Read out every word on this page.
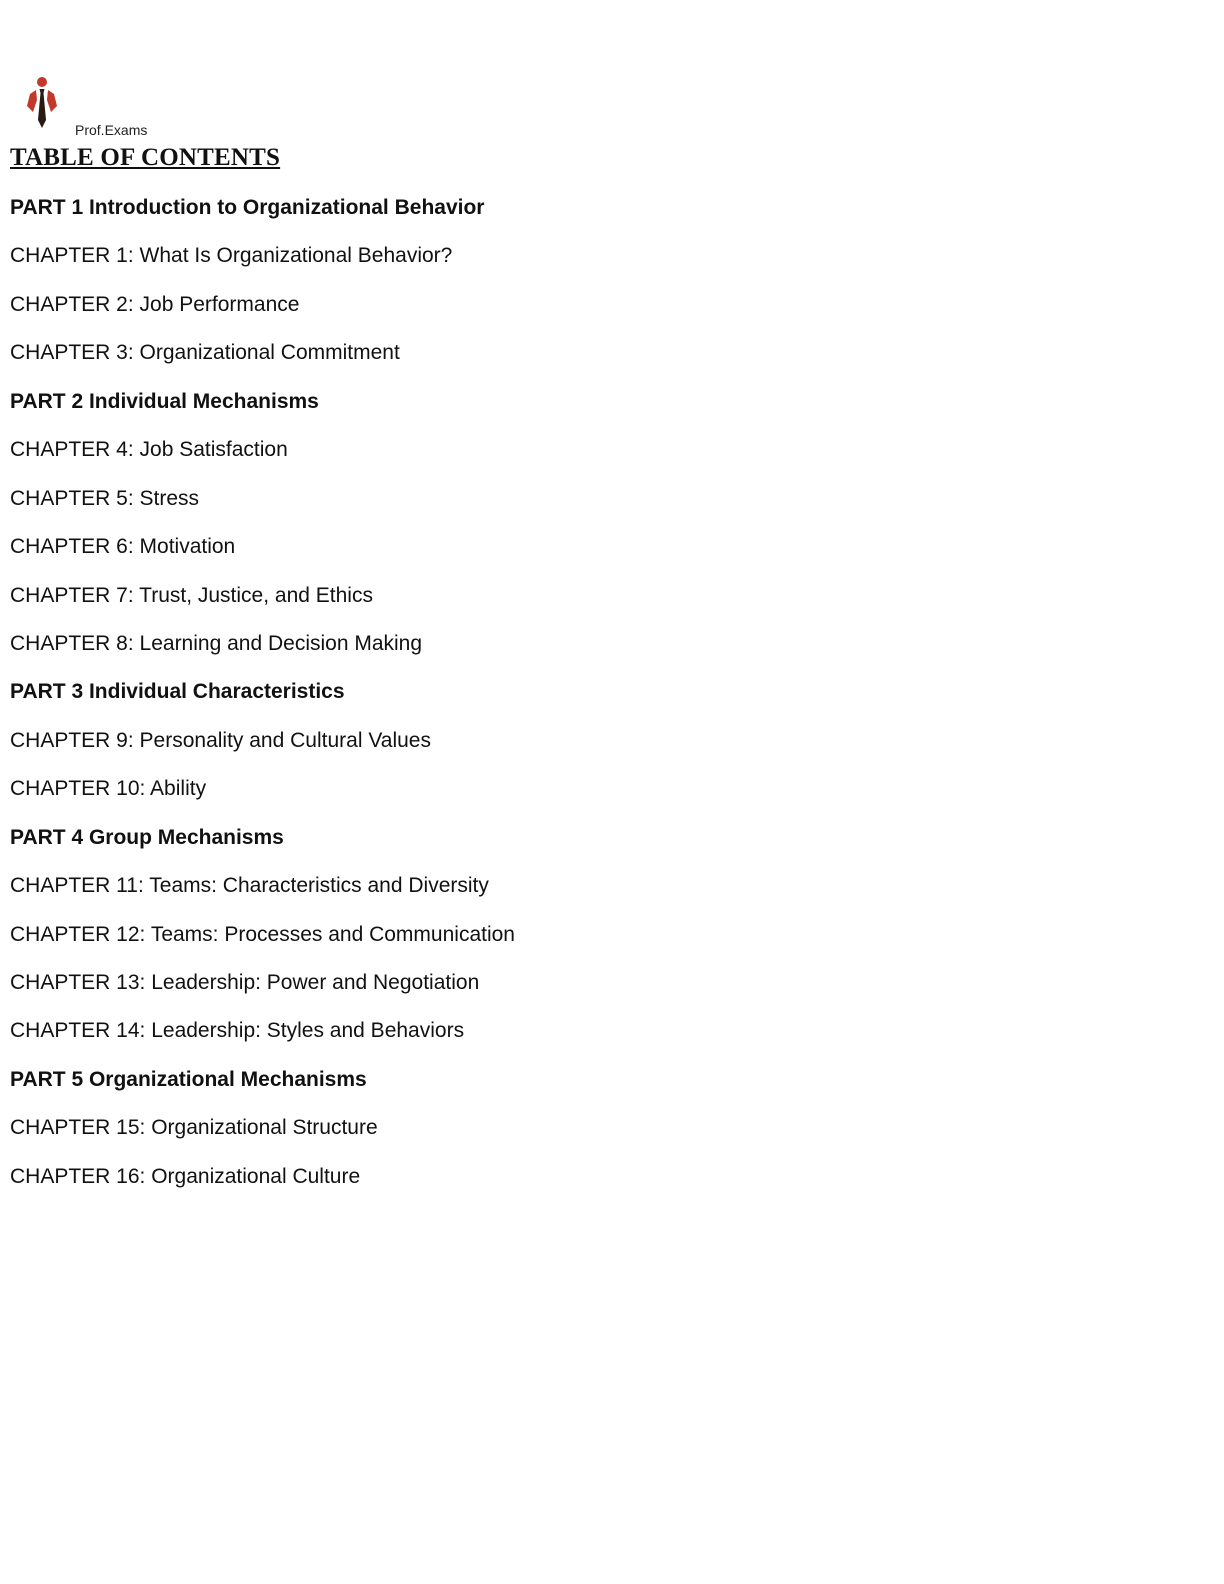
Prof.Exams
TABLE OF CONTENTS
PART 1 Introduction to Organizational Behavior
CHAPTER 1: What Is Organizational Behavior?
CHAPTER 2: Job Performance
CHAPTER 3: Organizational Commitment
PART 2 Individual Mechanisms
CHAPTER 4: Job Satisfaction
CHAPTER 5: Stress
CHAPTER 6: Motivation
CHAPTER 7: Trust, Justice, and Ethics
CHAPTER 8: Learning and Decision Making
PART 3 Individual Characteristics
CHAPTER 9: Personality and Cultural Values
CHAPTER 10: Ability
PART 4 Group Mechanisms
CHAPTER 11: Teams: Characteristics and Diversity
CHAPTER 12: Teams: Processes and Communication
CHAPTER 13: Leadership: Power and Negotiation
CHAPTER 14: Leadership: Styles and Behaviors
PART 5 Organizational Mechanisms
CHAPTER 15: Organizational Structure
CHAPTER 16: Organizational Culture
